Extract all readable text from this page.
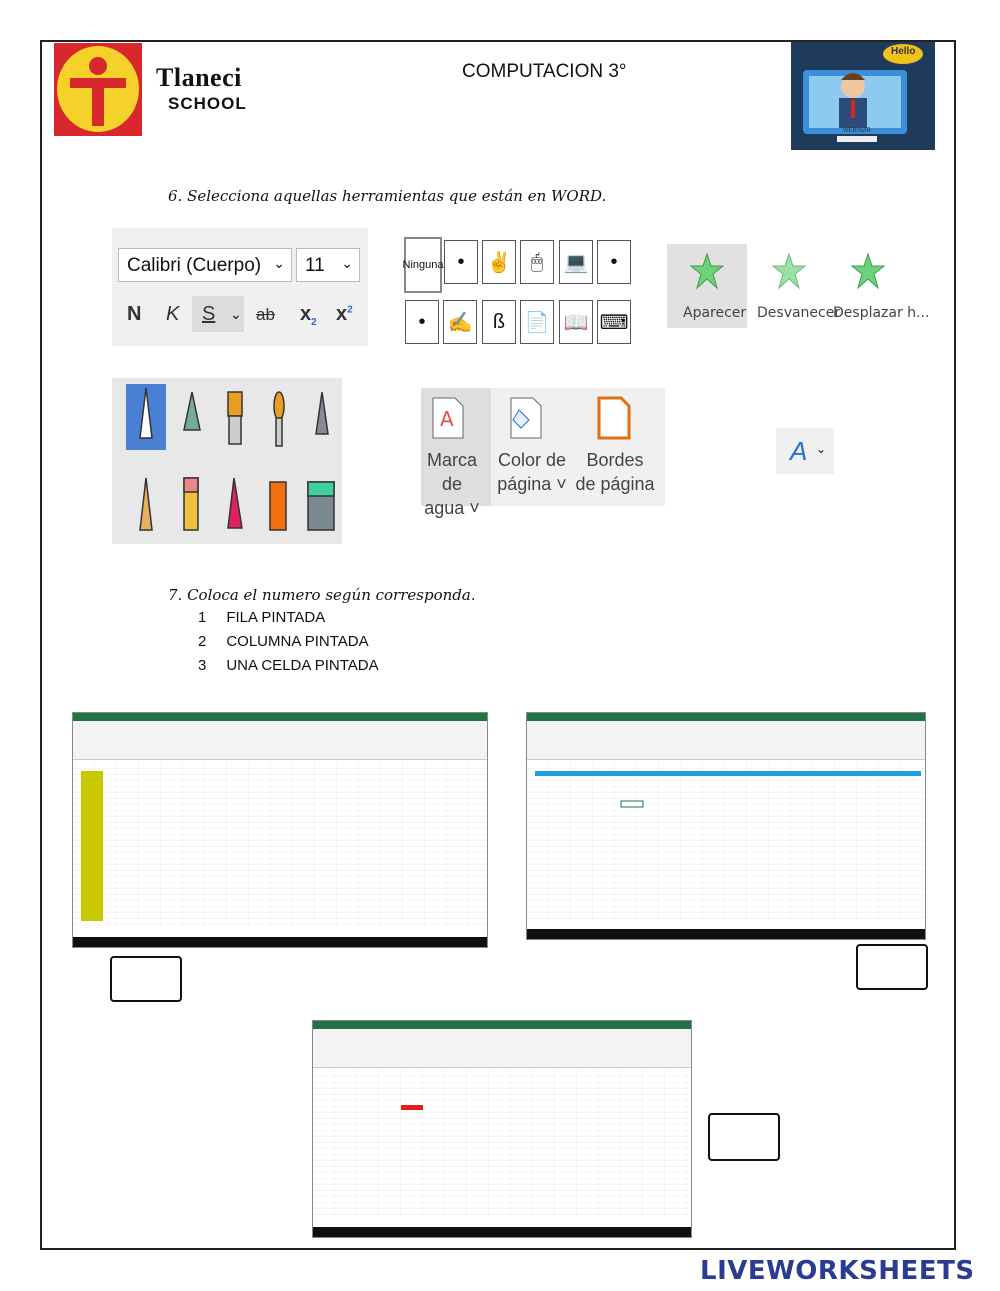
Tlaneci
SCHOOL
COMPUTACION 3°
Hello
WEBINAR
6. Selecciona aquellas herramientas que están en WORD.
Calibri (Cuerpo) ⌄	11 ⌄
N K S ⌄ ab $x_2$ $x^2$
Ninguna •	✌ 🖱	💻	•
•	✍	ß 📄 📖 ⌨	Aparecer Desvanecer
Desplazar h...
A
Marca de
agua ˅
Color de
página ˅
Bordes
de página
A ⌄
7. Coloca el numero según corresponda.
1 FILA PINTADA
2 COLUMNA PINTADA
3 UNA CELDA PINTADA
LIVEWORKSHEETS
